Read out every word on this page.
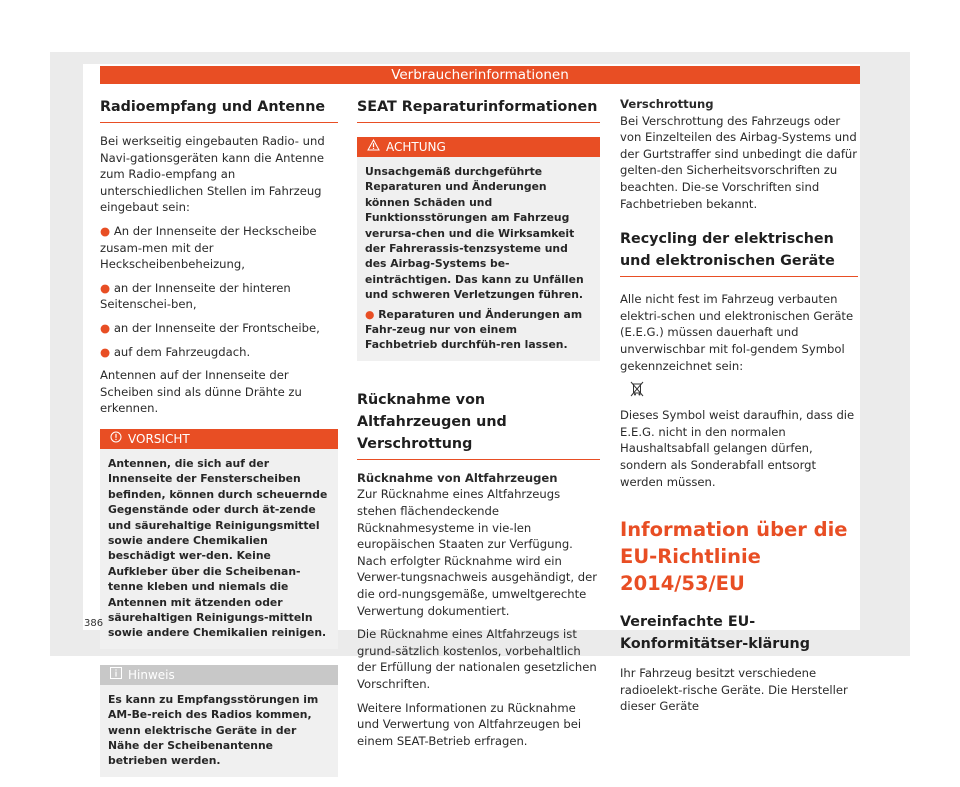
Verbraucherinformationen
Radioempfang und Antenne

Bei werkseitig eingebauten Radio- und Navi-gationsgeräten kann die Antenne zum Radio-empfang an unterschiedlichen Stellen im Fahrzeug eingebaut sein:

● An der Innenseite der Heckscheibe zusam-men mit der Heckscheibenbeheizung,
● an der Innenseite der hinteren Seitenschei-ben,
● an der Innenseite der Frontscheibe,
● auf dem Fahrzeugdach.

Antennen auf der Innenseite der Scheiben sind als dünne Drähte zu erkennen.

VORSICHT
Antennen, die sich auf der Innenseite der Fensterscheiben befinden, können durch scheuernde Gegenstände oder durch ät-zende und säurehaltige Reinigungsmittel sowie andere Chemikalien beschädigt wer-den. Keine Aufkleber über die Scheibenan-tenne kleben und niemals die Antennen mit ätzenden oder säurehaltigen Reinigungs-mitteln sowie andere Chemikalien reinigen.
Hinweis
Es kann zu Empfangsstörungen im AM-Be-reich des Radios kommen, wenn elektrische Geräte in der Nähe der Scheibenantenne betrieben werden.
SEAT Reparaturinformationen
ACHTUNG
Unsachgemäß durchgeführte Reparaturen und Änderungen können Schäden und Funktionsstörungen am Fahrzeug verursa-chen und die Wirksamkeit der Fahrerassis-tenzsysteme und des Airbag-Systems be-einträchtigen. Das kann zu Unfällen und schweren Verletzungen führen.
● Reparaturen und Änderungen am Fahr-zeug nur von einem Fachbetrieb durchfüh-ren lassen.
Rücknahme von Altfahrzeugen und Verschrottung
Rücknahme von Altfahrzeugen

Zur Rücknahme eines Altfahrzeugs stehen flächendeckende Rücknahmesysteme in vie-len europäischen Staaten zur Verfügung. Nach erfolgter Rücknahme wird ein Verwer-tungsnachweis ausgehändigt, der die ord-nungsgemäße, umweltgerechte Verwertung dokumentiert.

Die Rücknahme eines Altfahrzeugs ist grund-sätzlich kostenlos, vorbehaltlich der Erfüllung der nationalen gesetzlichen Vorschriften.

Weitere Informationen zu Rücknahme und Verwertung von Altfahrzeugen bei einem SEAT-Betrieb erfragen.

Verschrottung

Bei Verschrottung des Fahrzeugs oder von Einzelteilen des Airbag-Systems und der Gurtstraffer sind unbedingt die dafür gelten-den Sicherheitsvorschriften zu beachten. Die-se Vorschriften sind Fachbetrieben bekannt.

Recycling der elektrischen und elektronischen Geräte

Alle nicht fest im Fahrzeug verbauten elektri-schen und elektronischen Geräte (E.E.G.) müssen dauerhaft und unverwischbar mit fol-gendem Symbol gekennzeichnet sein:

Dieses Symbol weist daraufhin, dass die E.E.G. nicht in den normalen Haushaltsabfall gelangen dürfen, sondern als Sonderabfall entsorgt werden müssen.

Information über die EU-Richtlinie 2014/53/EU
Vereinfachte EU-Konformitätser-klärung

Ihr Fahrzeug besitzt verschiedene radioelekt-rische Geräte. Die Hersteller dieser Geräte

386
